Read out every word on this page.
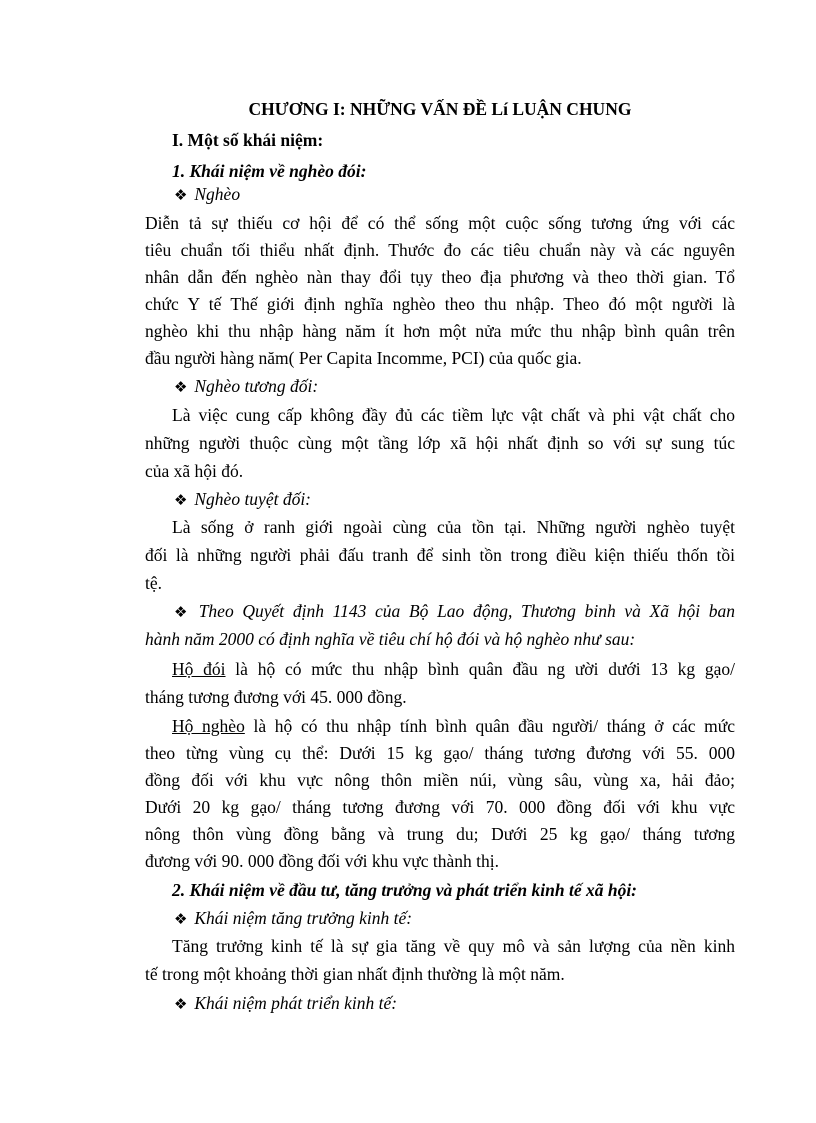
CHƯƠNG I: NHỮNG VẤN ĐỀ Lí LUẬN CHUNG
I. Một số khái niệm:
1. Khái niệm về nghèo đói:
❖ Nghèo
Diễn tả sự thiếu cơ hội để có thể sống một cuộc sống tương ứng với các
tiêu chuẩn tối thiểu nhất định. Thước đo các tiêu chuẩn này và các nguyên
nhân dẫn đến nghèo nàn thay đổi tụy theo địa phương và theo thời gian. Tổ
chức Y tế Thế giới định nghĩa nghèo theo thu nhập. Theo đó một người là
nghèo khi thu nhập hàng năm ít hơn một nửa mức thu nhập bình quân trên
đầu người hàng năm( Per Capita Incomme, PCI) của quốc gia.
❖ Nghèo tương đối:
Là việc cung cấp không đầy đủ các tiềm lực vật chất và phi vật chất cho
những người thuộc cùng một tầng lớp xã hội nhất định so với sự sung túc
của xã hội đó.
❖ Nghèo tuyệt đối:
Là sống ở ranh giới ngoài cùng của tồn tại. Những người nghèo tuyệt
đối là những người phải đấu tranh để sinh tồn trong điều kiện thiếu thốn tồi
tệ.
❖ Theo Quyết định 1143 của Bộ Lao động, Thương binh và Xã hội ban
hành năm 2000 có định nghĩa về tiêu chí hộ đói và hộ nghèo như sau:
Hộ đói là hộ có mức thu nhập bình quân đầu ng ười dưới 13 kg gạo/
tháng tương đương với 45. 000 đồng.
Hộ nghèo là hộ có thu nhập tính bình quân đầu người/ tháng ở các mức
theo từng vùng cụ thể: Dưới 15 kg gạo/ tháng tương đương với 55. 000
đồng đối với khu vực nông thôn miền núi, vùng sâu, vùng xa, hải đảo;
Dưới 20 kg gạo/ tháng tương đương với 70. 000 đồng đối với khu vực
nông thôn vùng đồng bằng và trung du; Dưới 25 kg gạo/ tháng tương
đương với 90. 000 đồng đối với khu vực thành thị.
2. Khái niệm về đầu tư, tăng trưởng và phát triển kinh tế xã hội:
❖ Khái niệm tăng trưởng kinh tế:
Tăng trưởng kinh tế là sự gia tăng về quy mô và sản lượng của nền kinh
tế trong một khoảng thời gian nhất định thường là một năm.
❖ Khái niệm phát triển kinh tế:
